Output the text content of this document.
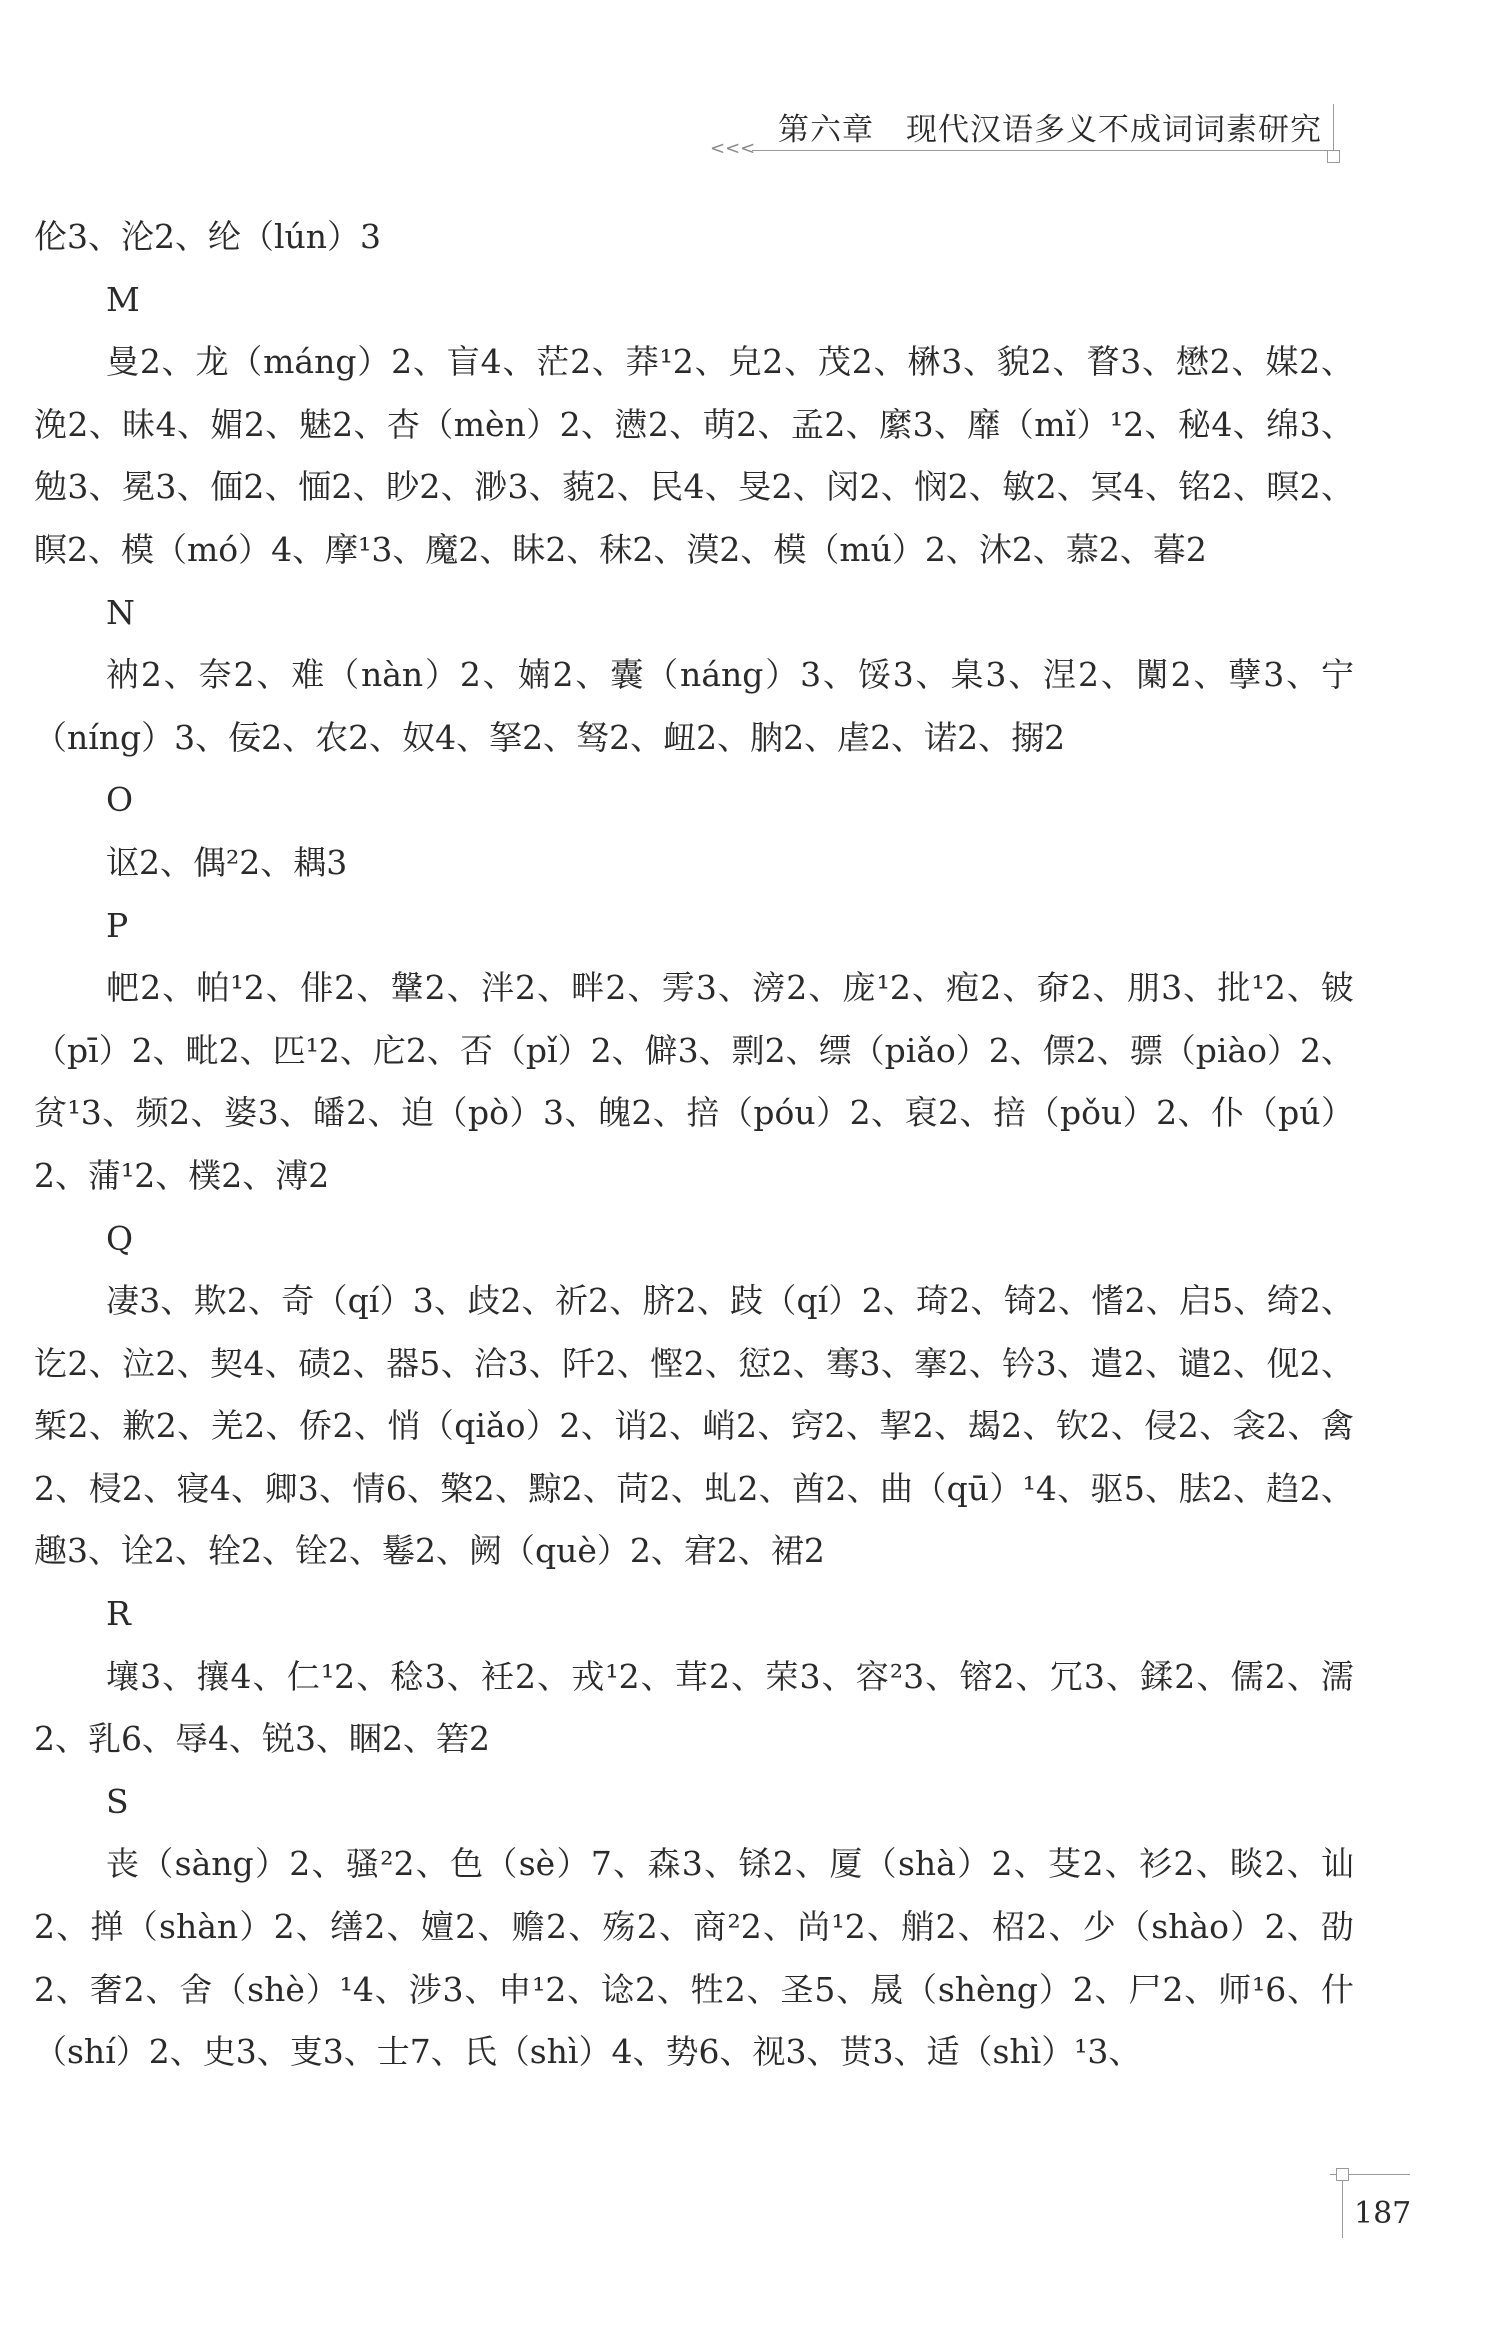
第六章　现代汉语多义不成词词素研究
<<<

伦3、沦2、纶（lún）3

M

曼2、龙（máng）2、盲4、茫2、莽¹2、皃2、茂2、楙3、貌2、瞀3、懋2、媒2、浼2、昧4、媚2、魅2、杏（mèn）2、懑2、萌2、孟2、縻3、靡（mǐ）¹2、秘4、绵3、勉3、冕3、偭2、愐2、眇2、渺3、藐2、民4、旻2、闵2、悯2、敏2、冥4、铭2、暝2、瞑2、模（mó）4、摩¹3、魔2、眛2、秣2、漠2、模（mú）2、沐2、慕2、暮2

N

衲2、奈2、难（nàn）2、婻2、囊（náng）3、馁3、臬3、涅2、闑2、孽3、宁（níng）3、佞2、农2、奴4、拏2、驽2、衄2、朒2、虐2、诺2、搦2

O

讴2、偶²2、耦3

P

帊2、帕¹2、俳2、鞶2、泮2、畔2、雱3、滂2、庞¹2、疱2、奅2、朋3、批¹2、铍（pī）2、毗2、匹¹2、庀2、否（pǐ）2、僻3、剽2、缥（piǎo）2、僄2、骠（piào）2、贫¹3、频2、婆3、皤2、迫（pò）3、魄2、掊（póu）2、裒2、掊（pǒu）2、仆（pú）2、蒲¹2、樸2、溥2

Q

凄3、欺2、奇（qí）3、歧2、祈2、脐2、跂（qí）2、琦2、锜2、愭2、启5、绮2、讫2、泣2、契4、碛2、器5、洽3、阡2、慳2、愆2、骞3、搴2、钤3、遣2、谴2、伣2、椠2、歉2、羌2、侨2、悄（qiǎo）2、诮2、峭2、窍2、挈2、朅2、钦2、侵2、衾2、禽2、梫2、寝4、卿3、情6、檠2、黥2、苘2、虬2、酋2、曲（qū）¹4、驱5、胠2、趋2、趣3、诠2、辁2、铨2、鬈2、阙（què）2、宭2、裙2

R

壤3、攘4、仁¹2、稔3、衽2、戎¹2、茸2、荣3、容²3、镕2、冗3、鍒2、儒2、濡2、乳6、辱4、锐3、睏2、箬2

S

丧（sàng）2、骚²2、色（sè）7、森3、铩2、厦（shà）2、芟2、衫2、睒2、讪2、掸（shàn）2、缮2、嬗2、赡2、殇2、商²2、尚¹2、艄2、柖2、少（shào）2、劭2、奢2、舍（shè）¹4、涉3、申¹2、谂2、牲2、圣5、晟（shèng）2、尸2、师¹6、什（shí）2、史3、叓3、士7、氏（shì）4、势6、视3、贳3、适（shì）¹3、

187
